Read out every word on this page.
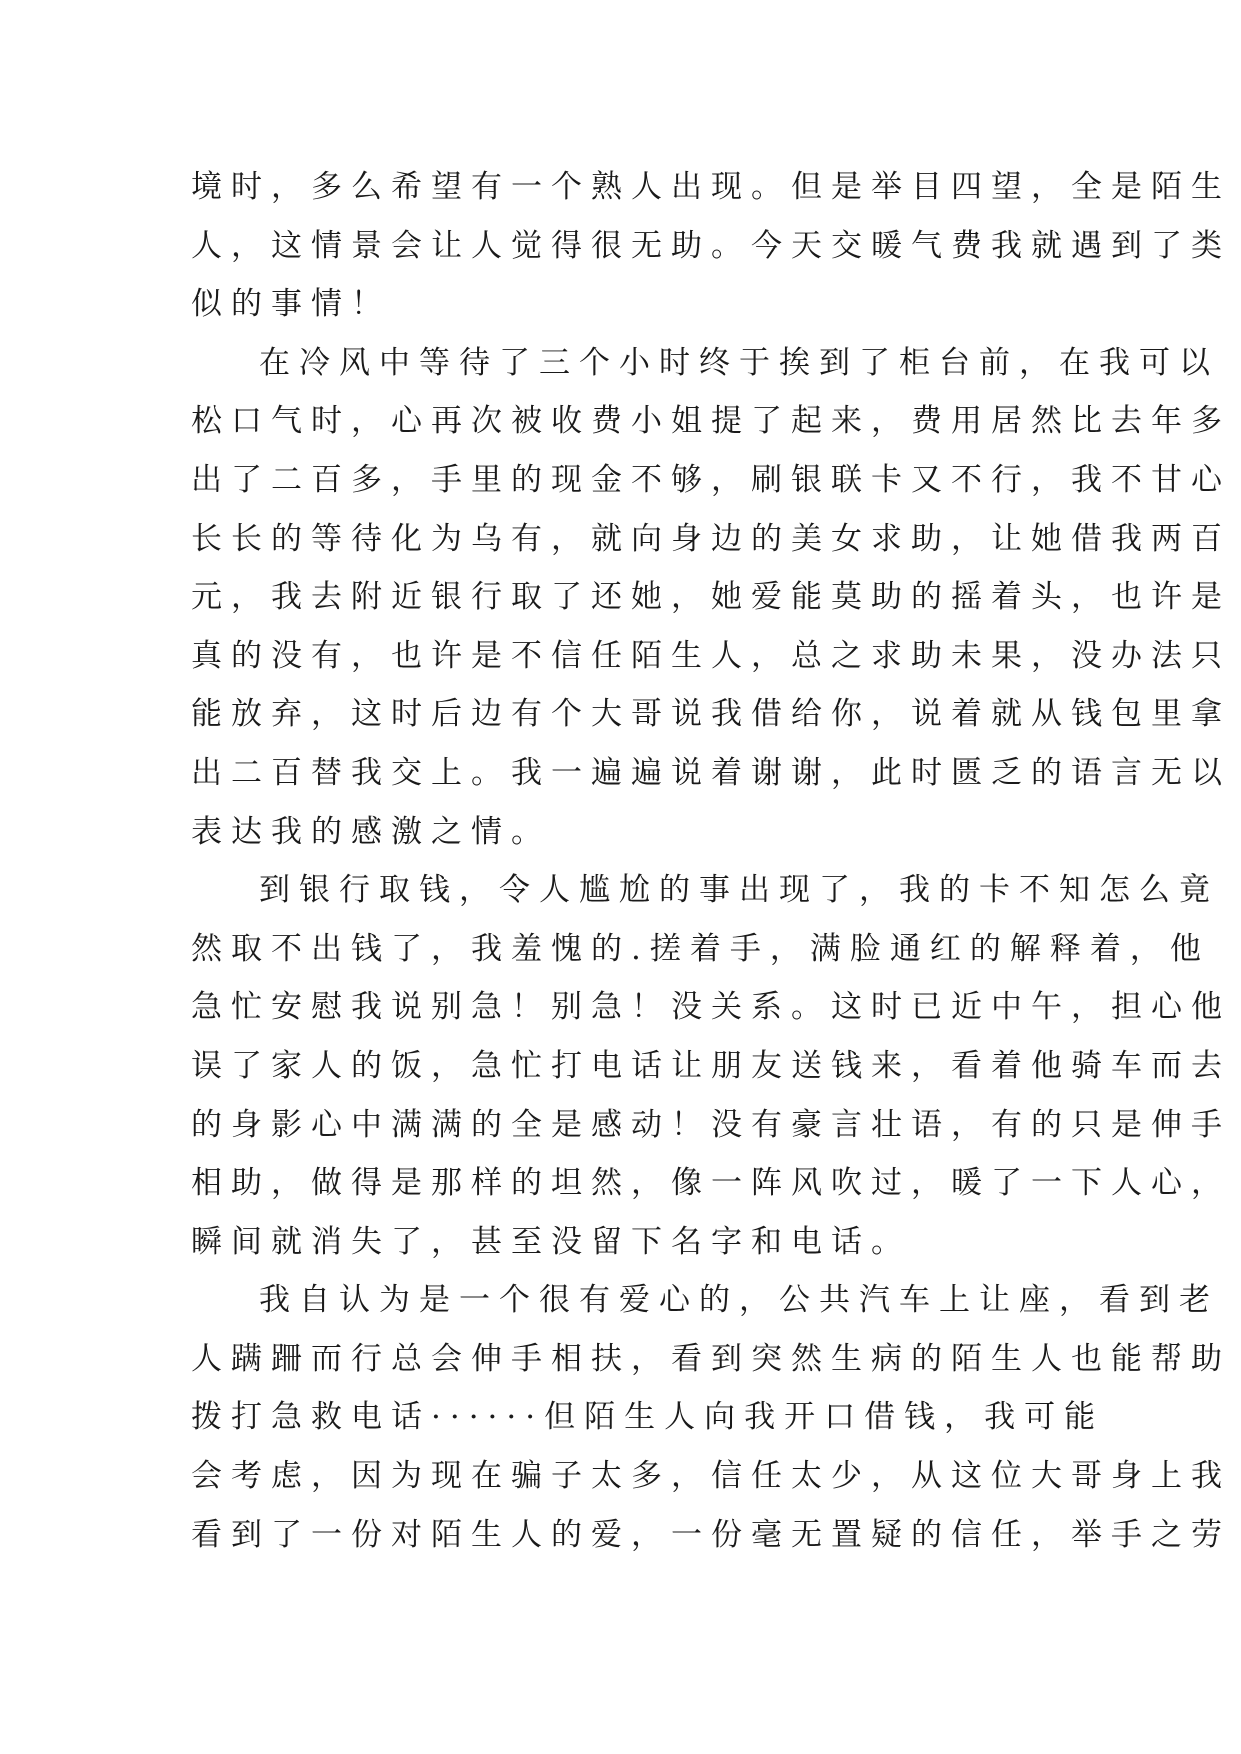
境时，多么希望有一个熟人出现。但是举目四望，全是陌生
人，这情景会让人觉得很无助。今天交暖气费我就遇到了类
似的事情！
在冷风中等待了三个小时终于挨到了柜台前，在我可以
松口气时，心再次被收费小姐提了起来，费用居然比去年多
出了二百多，手里的现金不够，刷银联卡又不行，我不甘心
长长的等待化为乌有，就向身边的美女求助，让她借我两百
元，我去附近银行取了还她，她爱能莫助的摇着头，也许是
真的没有，也许是不信任陌生人，总之求助未果，没办法只
能放弃，这时后边有个大哥说我借给你，说着就从钱包里拿
出二百替我交上。我一遍遍说着谢谢，此时匮乏的语言无以
表达我的感激之情。
到银行取钱，令人尴尬的事出现了，我的卡不知怎么竟
然取不出钱了，我羞愧的.搓着手，满脸通红的解释着，他
急忙安慰我说别急！别急！没关系。这时已近中午，担心他
误了家人的饭，急忙打电话让朋友送钱来，看着他骑车而去
的身影心中满满的全是感动！没有豪言壮语，有的只是伸手
相助，做得是那样的坦然，像一阵风吹过，暖了一下人心，
瞬间就消失了，甚至没留下名字和电话。
我自认为是一个很有爱心的，公共汽车上让座，看到老
人蹒跚而行总会伸手相扶，看到突然生病的陌生人也能帮助
拨打急救电话······但陌生人向我开口借钱，我可能
会考虑，因为现在骗子太多，信任太少，从这位大哥身上我
看到了一份对陌生人的爱，一份毫无置疑的信任，举手之劳
